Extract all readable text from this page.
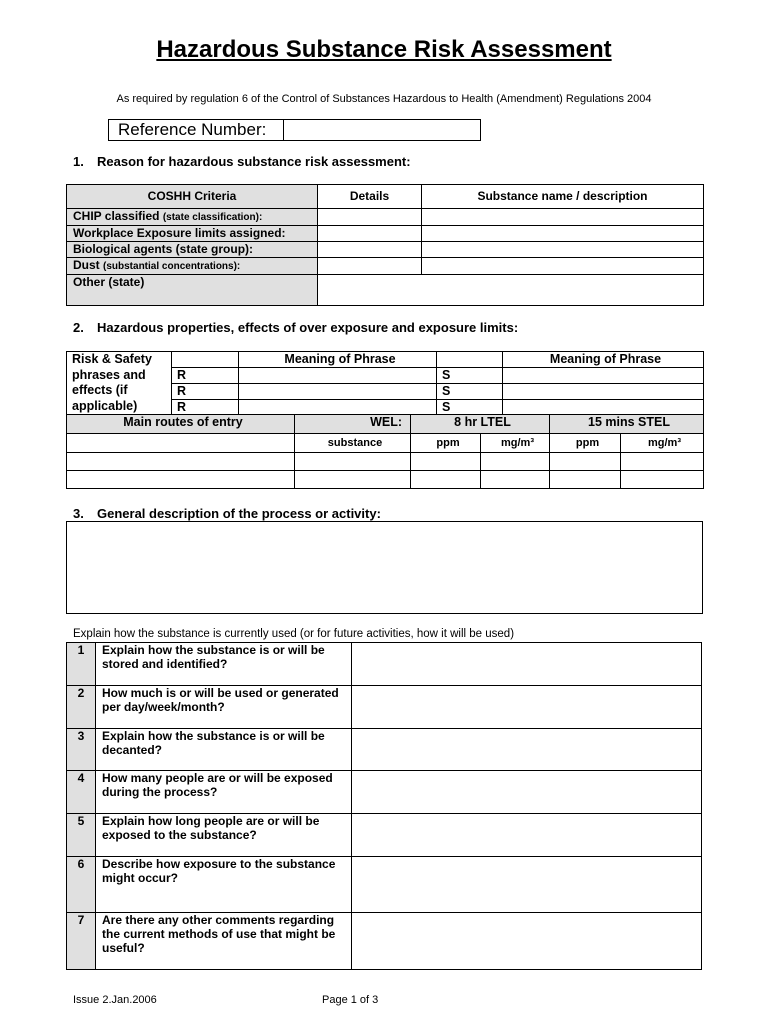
Hazardous Substance Risk Assessment
As required by regulation 6 of the Control of Substances Hazardous to Health (Amendment) Regulations 2004
Reference Number:
1. Reason for hazardous substance risk assessment:
COSHH Criteria	Details	Substance name / description
CHIP classified (state classification):		
Workplace Exposure limits assigned:		
Biological agents (state group):		
Dust (substantial concentrations):		
Other (state)		
2. Hazardous properties, effects of over exposure and exposure limits:
Risk & Safety phrases and effects (if applicable)		Meaning of Phrase		Meaning of Phrase
	R		S	
	R		S	
	R		S	
Main routes of entry	WEL:	8 hr LTEL		15 mins STEL	
	substance	ppm	mg/m³	ppm	mg/m³

3. General description of the process or activity:
Explain how the substance is currently used (or for future activities, how it will be used)
1	Explain how the substance is or will be stored and identified?	
2	How much is or will be used or generated per day/week/month?	
3	Explain how the substance is or will be decanted?	
4	How many people are or will be exposed during the process?	
5	Explain how long people are or will be exposed to the substance?	
6	Describe how exposure to the substance might occur?	
7	Are there any other comments regarding the current methods of use that might be useful?	
Issue 2.Jan.2006	Page 1 of 3
